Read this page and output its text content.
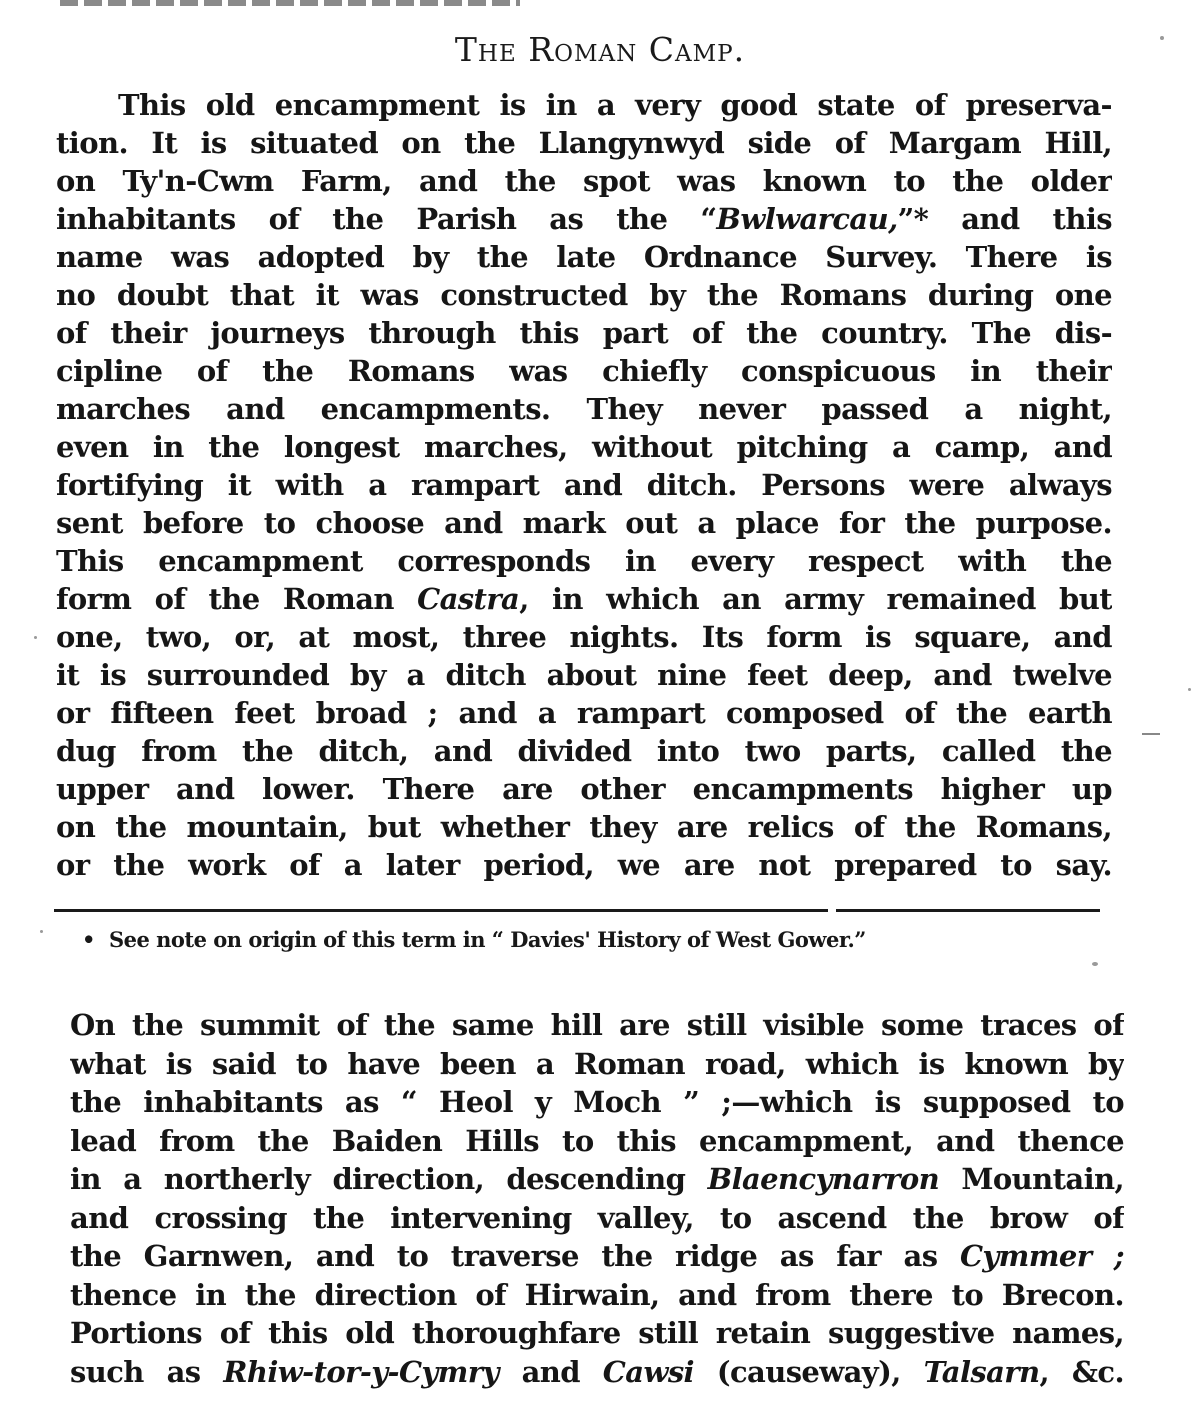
The Roman Camp.
This old encampment is in a very good state of preserva-
tion. It is situated on the Llangynwyd side of Margam Hill,
on Ty'n-Cwm Farm, and the spot was known to the older
inhabitants of the Parish as the “Bwlwarcau,”* and this
name was adopted by the late Ordnance Survey. There is
no doubt that it was constructed by the Romans during one
of their journeys through this part of the country. The dis-
cipline of the Romans was chiefly conspicuous in their
marches and encampments. They never passed a night,
even in the longest marches, without pitching a camp, and
fortifying it with a rampart and ditch. Persons were always
sent before to choose and mark out a place for the purpose.
This encampment corresponds in every respect with the
form of the Roman Castra, in which an army remained but
one, two, or, at most, three nights. Its form is square, and
it is surrounded by a ditch about nine feet deep, and twelve
or fifteen feet broad ; and a rampart composed of the earth
dug from the ditch, and divided into two parts, called the
upper and lower. There are other encampments higher up
on the mountain, but whether they are relics of the Romans,
or the work of a later period, we are not prepared to say.
• See note on origin of this term in “ Davies' History of West Gower.”
On the summit of the same hill are still visible some traces of
what is said to have been a Roman road, which is known by
the inhabitants as “ Heol y Moch ” ;—which is supposed to
lead from the Baiden Hills to this encampment, and thence
in a northerly direction, descending Blaencynarron Mountain,
and crossing the intervening valley, to ascend the brow of
the Garnwen, and to traverse the ridge as far as Cymmer ;
thence in the direction of Hirwain, and from there to Brecon.
Portions of this old thoroughfare still retain suggestive names,
such as Rhiw-tor-y-Cymry and Cawsi (causeway), Talsarn, &c.
